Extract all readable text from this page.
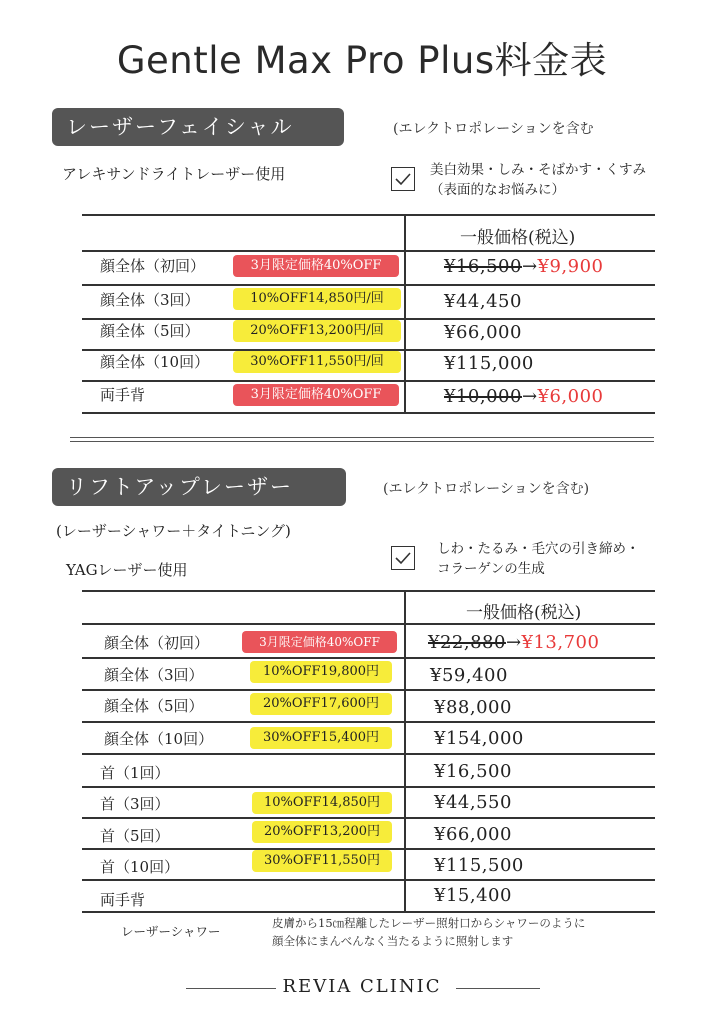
Gentle Max Pro Plus料金表
レーザーフェイシャル	(エレクトロポレーションを含む
アレキサンドライトレーザー使用	美白効果・しみ・そばかす・くすみ
（表面的なお悩みに）
一般価格(税込)
顔全体（初回）	3月限定価格40%OFF	¥16,500→¥9,900
顔全体（3回）	10%OFF14,850円/回	¥44,450
顔全体（5回）	20%OFF13,200円/回	¥66,000
顔全体（10回）	30%OFF11,550円/回	¥115,000
両手背	3月限定価格40%OFF	¥10,000→¥6,000
リフトアップレーザー	(エレクトロポレーションを含む)
(レーザーシャワー＋タイトニング)
YAGレーザー使用
しわ・たるみ・毛穴の引き締め・
コラーゲンの生成
一般価格(税込)
顔全体（初回）	3月限定価格40%OFF	¥22,880→¥13,700
顔全体（3回）	10%OFF19,800円	¥59,400
顔全体（5回）	20%OFF17,600円	¥88,000
顔全体（10回）	30%OFF15,400円	¥154,000
首（1回）	¥16,500
首（3回）	10%OFF14,850円	¥44,550
首（5回）	20%OFF13,200円	¥66,000
首（10回）	30%OFF11,550円	¥115,500
両手背	¥15,400
レーザーシャワー
皮膚から15㎝程離したレーザー照射口からシャワーのように
顔全体にまんべんなく当たるように照射します
REVIA CLINIC
